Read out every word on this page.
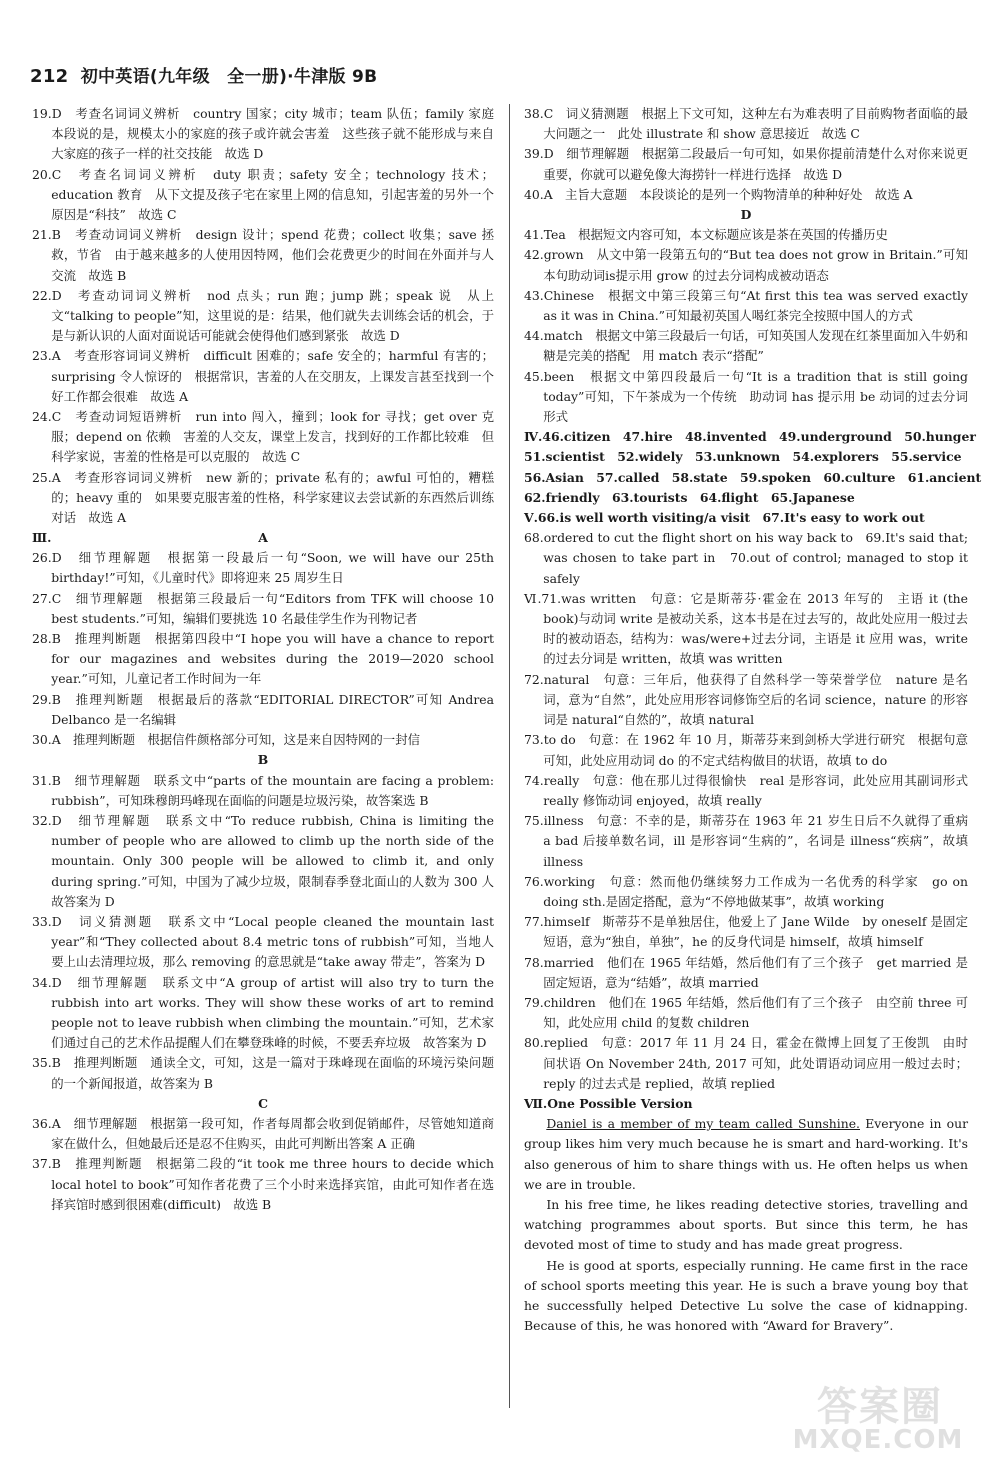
212 初中英语(九年级　全一册)·牛津版 9B
19.D　考查名词词义辨析　country 国家；city 城市；team 队伍；family 家庭　本段说的是，规模太小的家庭的孩子或许就会害羞　这些孩子就不能形成与来自大家庭的孩子一样的社交技能　故选 D
20.C　考查名词词义辨析　duty 职责；safety 安全；technology 技术；education 教育　从下文提及孩子宅在家里上网的信息知，引起害羞的另外一个原因是“科技”　故选 C
21.B　考查动词词义辨析　design 设计；spend 花费；collect 收集；save 拯救，节省　由于越来越多的人使用因特网，他们会花费更少的时间在外面并与人交流　故选 B
22.D　考查动词词义辨析　nod 点头；run 跑；jump 跳；speak 说　从上文“talking to people”知，这里说的是：结果，他们就失去训练会话的机会，于是与新认识的人面对面说话可能就会使得他们感到紧张　故选 D
23.A　考查形容词词义辨析　difficult 困难的；safe 安全的；harmful 有害的；surprising 令人惊讶的　根据常识，害羞的人在交朋友，上课发言甚至找到一个好工作都会很难　故选 A
24.C　考查动词短语辨析　run into 闯入，撞到；look for 寻找；get over 克服；depend on 依赖　害羞的人交友，课堂上发言，找到好的工作都比较难　但科学家说，害羞的性格是可以克服的　故选 C
25.A　考查形容词词义辨析　new 新的；private 私有的；awful 可怕的，糟糕的；heavy 重的　如果要克服害羞的性格，科学家建议去尝试新的东西然后训练对话　故选 A
Ⅲ.	A
26.D　细节理解题　根据第一段最后一句“Soon, we will have our 25th birthday!”可知，《儿童时代》即将迎来 25 周岁生日
27.C　细节理解题　根据第三段最后一句“Editors from TFK will choose 10 best students.”可知，编辑们要挑选 10 名最佳学生作为刊物记者
28.B　推理判断题　根据第四段中“I hope you will have a chance to report for our magazines and websites during the 2019—2020 school year.”可知，儿童记者工作时间为一年
29.B　推理判断题　根据最后的落款“EDITORIAL DIRECTOR”可知 Andrea Delbanco 是一名编辑
30.A　推理判断题　根据信件颜格部分可知，这是来自因特网的一封信
B
31.B　细节理解题　联系文中“parts of the mountain are facing a problem: rubbish”，可知珠穆朗玛峰现在面临的问题是垃圾污染，故答案选 B
32.D　细节理解题　联系文中“To reduce rubbish, China is limiting the number of people who are allowed to climb up the north side of the mountain. Only 300 people will be allowed to climb it, and only during spring.”可知，中国为了减少垃圾，限制春季登北面山的人数为 300 人　故答案为 D
33.D　词义猜测题　联系文中“Local people cleaned the mountain last year”和“They collected about 8.4 metric tons of rubbish”可知，当地人要上山去清理垃圾，那么 removing 的意思就是“take away 带走”，答案为 D
34.D　细节理解题　联系文中“A group of artist will also try to turn the rubbish into art works. They will show these works of art to remind people not to leave rubbish when climbing the mountain.”可知，艺术家们通过自己的艺术作品提醒人们在攀登珠峰的时候，不要丢弃垃圾　故答案为 D
35.B　推理判断题　通读全文，可知，这是一篇对于珠峰现在面临的环境污染问题的一个新闻报道，故答案为 B
C
36.A　细节理解题　根据第一段可知，作者每周都会收到促销邮件，尽管她知道商家在做什么，但她最后还是忍不住购买，由此可判断出答案 A 正确
37.B　推理判断题　根据第二段的“it took me three hours to decide which local hotel to book”可知作者花费了三个小时来选择宾馆，由此可知作者在选择宾馆时感到很困难(difficult)　故选 B
38.C　词义猜测题　根据上下文可知，这种左右为难表明了目前购物者面临的最大问题之一　此处 illustrate 和 show 意思接近　故选 C
39.D　细节理解题　根据第二段最后一句可知，如果你提前清楚什么对你来说更重要，你就可以避免像大海捞针一样进行选择　故选 D
40.A　主旨大意题　本段谈论的是列一个购物清单的种种好处　故选 A
D
41.Tea　根据短文内容可知，本文标题应该是茶在英国的传播历史
42.grown　从文中第一段第五句的“But tea does not grow in Britain.”可知本句助动词is提示用 grow 的过去分词构成被动语态
43.Chinese　根据文中第三段第三句“At first this tea was served exactly as it was in China.”可知最初英国人喝红茶完全按照中国人的方式
44.match　根据文中第三段最后一句话，可知英国人发现在红茶里面加入牛奶和糖是完美的搭配　用 match 表示“搭配”
45.been　根据文中第四段最后一句“It is a tradition that is still going today”可知，下午茶成为一个传统　助动词 has 提示用 be 动词的过去分词形式
Ⅳ.46.citizen　47.hire　48.invented　49.underground　50.hunger
51.scientist　52.widely　53.unknown　54.explorers　55.service
56.Asian　57.called　58.state　59.spoken　60.culture　61.ancient
62.friendly　63.tourists　64.flight　65.Japanese
Ⅴ.66.is well worth visiting/a visit　67.It's easy to work out
68.ordered to cut the flight short on his way back to　69.It's said that; was chosen to take part in　70.out of control; managed to stop it safely
Ⅵ.71.was written　句意：它是斯蒂芬·霍金在 2013 年写的　主语 it (the book)与动词 write 是被动关系，这本书是在过去写的，故此处应用一般过去时的被动语态，结构为：was/were+过去分词，主语是 it 应用 was，write 的过去分词是 written，故填 was written
72.natural　句意：三年后，他获得了自然科学一等荣誉学位　nature 是名词，意为“自然”，此处应用形容词修饰空后的名词 science，nature 的形容词是 natural“自然的”，故填 natural
73.to do　句意：在 1962 年 10 月，斯蒂芬来到剑桥大学进行研究　根据句意可知，此处应用动词 do 的不定式结构做目的状语，故填 to do
74.really　句意：他在那儿过得很愉快　real 是形容词，此处应用其副词形式 really 修饰动词 enjoyed，故填 really
75.illness　句意：不幸的是，斯蒂芬在 1963 年 21 岁生日后不久就得了重病　a bad 后接单数名词，ill 是形容词“生病的”，名词是 illness“疾病”，故填 illness
76.working　句意：然而他仍继续努力工作成为一名优秀的科学家　go on doing sth.是固定搭配，意为“不停地做某事”，故填 working
77.himself　斯蒂芬不是单独居住，他爱上了 Jane Wilde　by oneself 是固定短语，意为“独自，单独”，he 的反身代词是 himself，故填 himself
78.married　他们在 1965 年结婚，然后他们有了三个孩子　get married 是固定短语，意为“结婚”，故填 married
79.children　他们在 1965 年结婚，然后他们有了三个孩子　由空前 three 可知，此处应用 child 的复数 children
80.replied　句意：2017 年 11 月 24 日，霍金在微博上回复了王俊凯　由时间状语 On November 24th, 2017 可知，此处谓语动词应用一般过去时；reply 的过去式是 replied，故填 replied
Ⅶ.One Possible Version

Daniel is a member of my team called Sunshine. Everyone in our group likes him very much because he is smart and hard-working. It's also generous of him to share things with us. He often helps us when we are in trouble.

In his free time, he likes reading detective stories, travelling and watching programmes about sports. But since this term, he has devoted most of time to study and has made great progress.

He is good at sports, especially running. He came first in the race of school sports meeting this year. He is such a brave young boy that he successfully helped Detective Lu solve the case of kidnapping. Because of this, he was honored with “Award for Bravery”.

答案圈
MXQE.COM
